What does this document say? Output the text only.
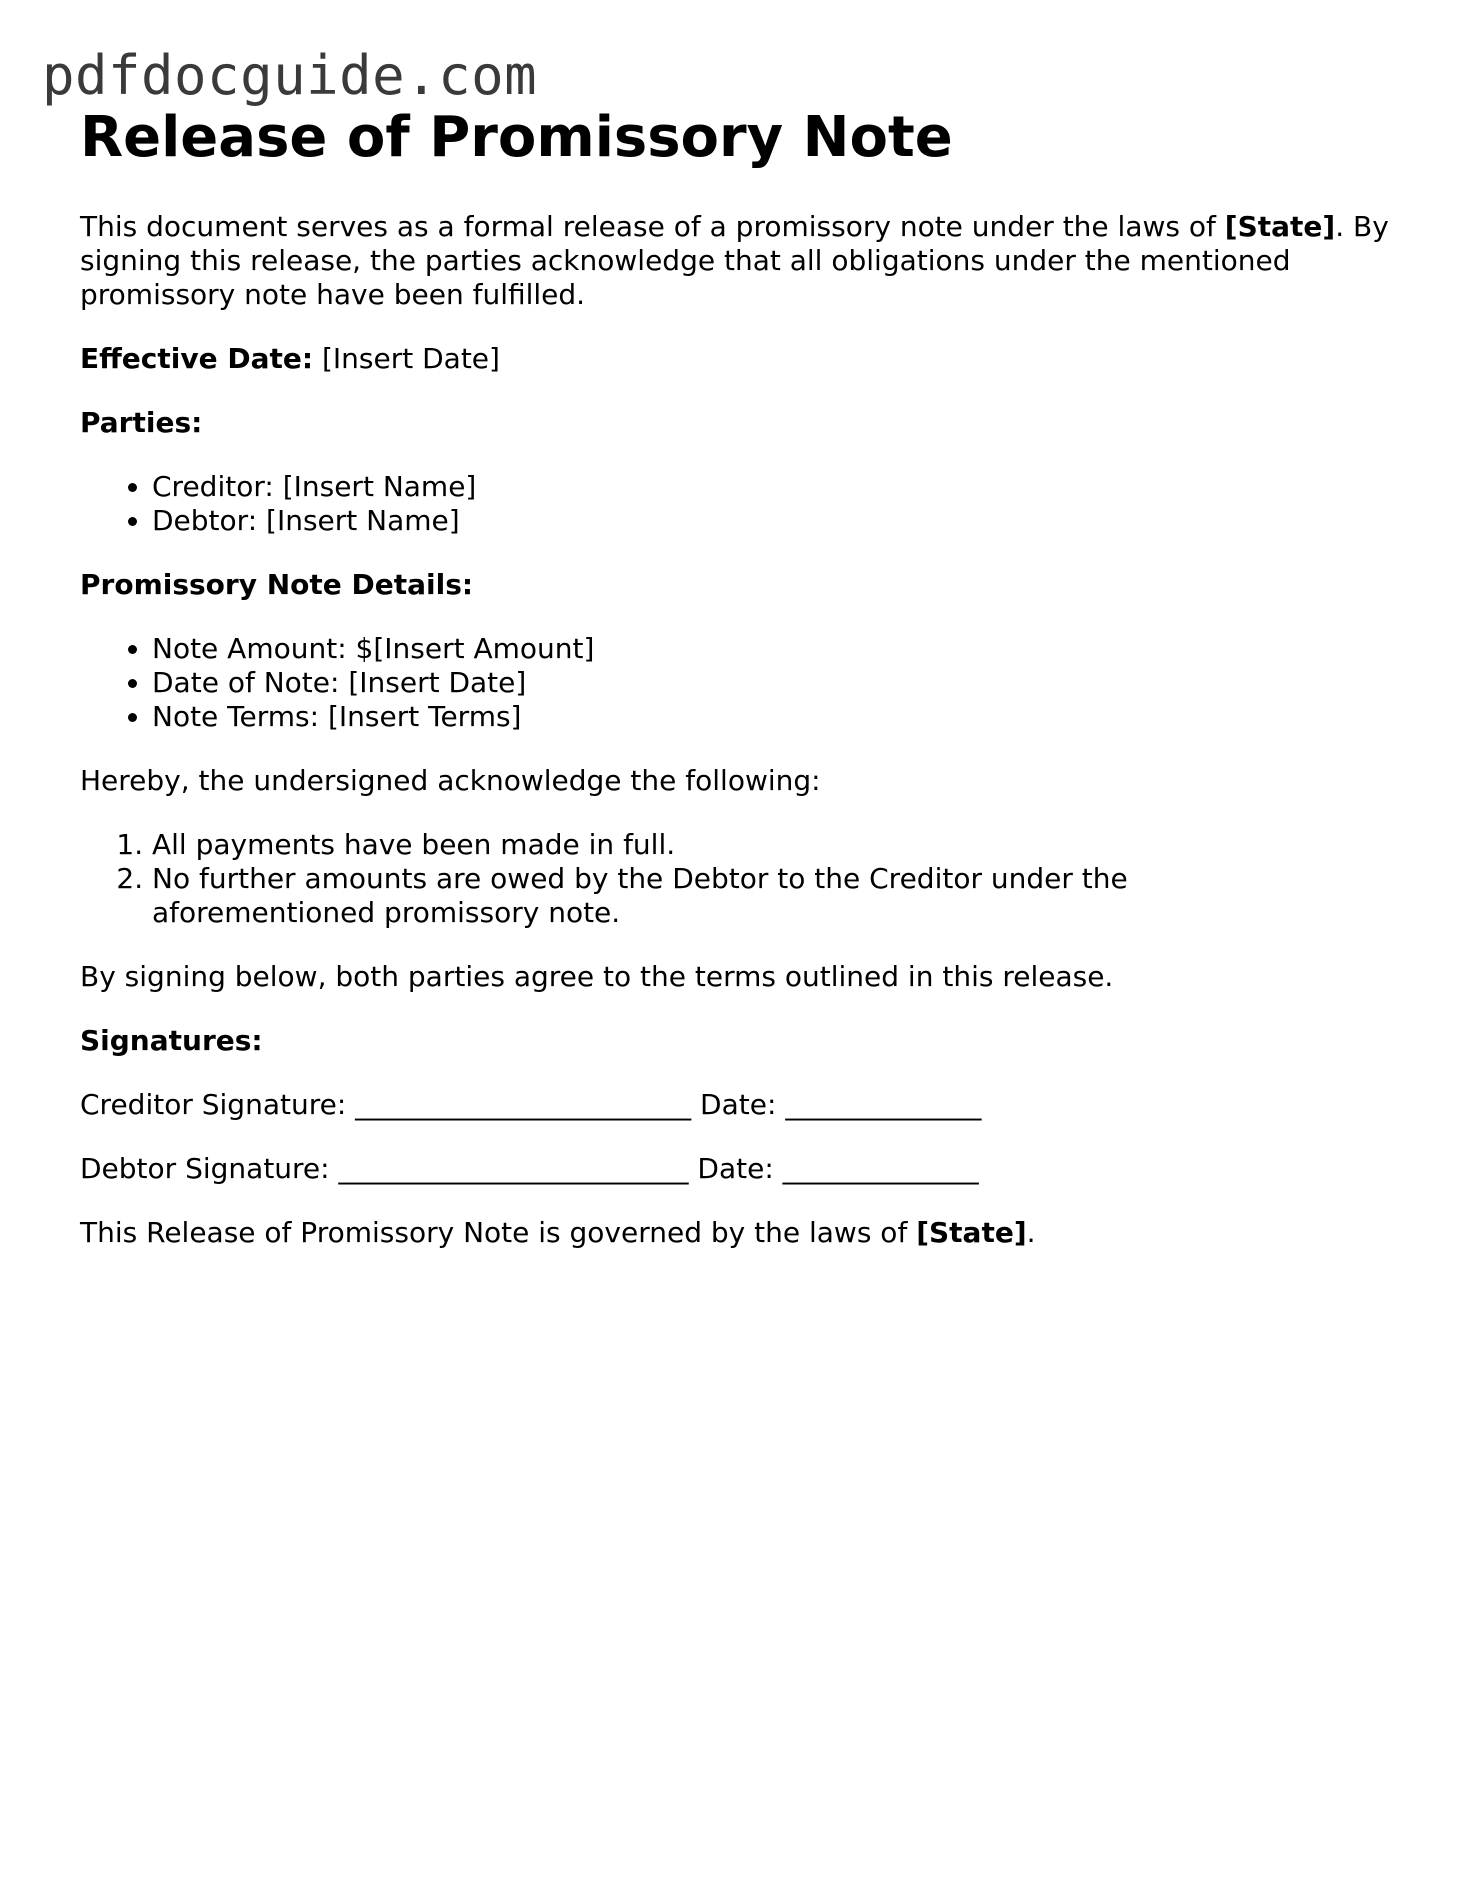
pdfdocguide.com
Release of Promissory Note

This document serves as a formal release of a promissory note under the laws of [State]. By signing this release, the parties acknowledge that all obligations under the mentioned promissory note have been fulfilled.

Effective Date: [Insert Date]

Parties:

• Creditor: [Insert Name]
• Debtor: [Insert Name]

Promissory Note Details:

• Note Amount: $[Insert Amount]
• Date of Note: [Insert Date]
• Note Terms: [Insert Terms]

Hereby, the undersigned acknowledge the following:

1. All payments have been made in full.
2. No further amounts are owed by the Debtor to the Creditor under the aforementioned promissory note.

By signing below, both parties agree to the terms outlined in this release.

Signatures:

Creditor Signature: ________________________ Date: ______________

Debtor Signature: _________________________ Date: ______________

This Release of Promissory Note is governed by the laws of [State].
